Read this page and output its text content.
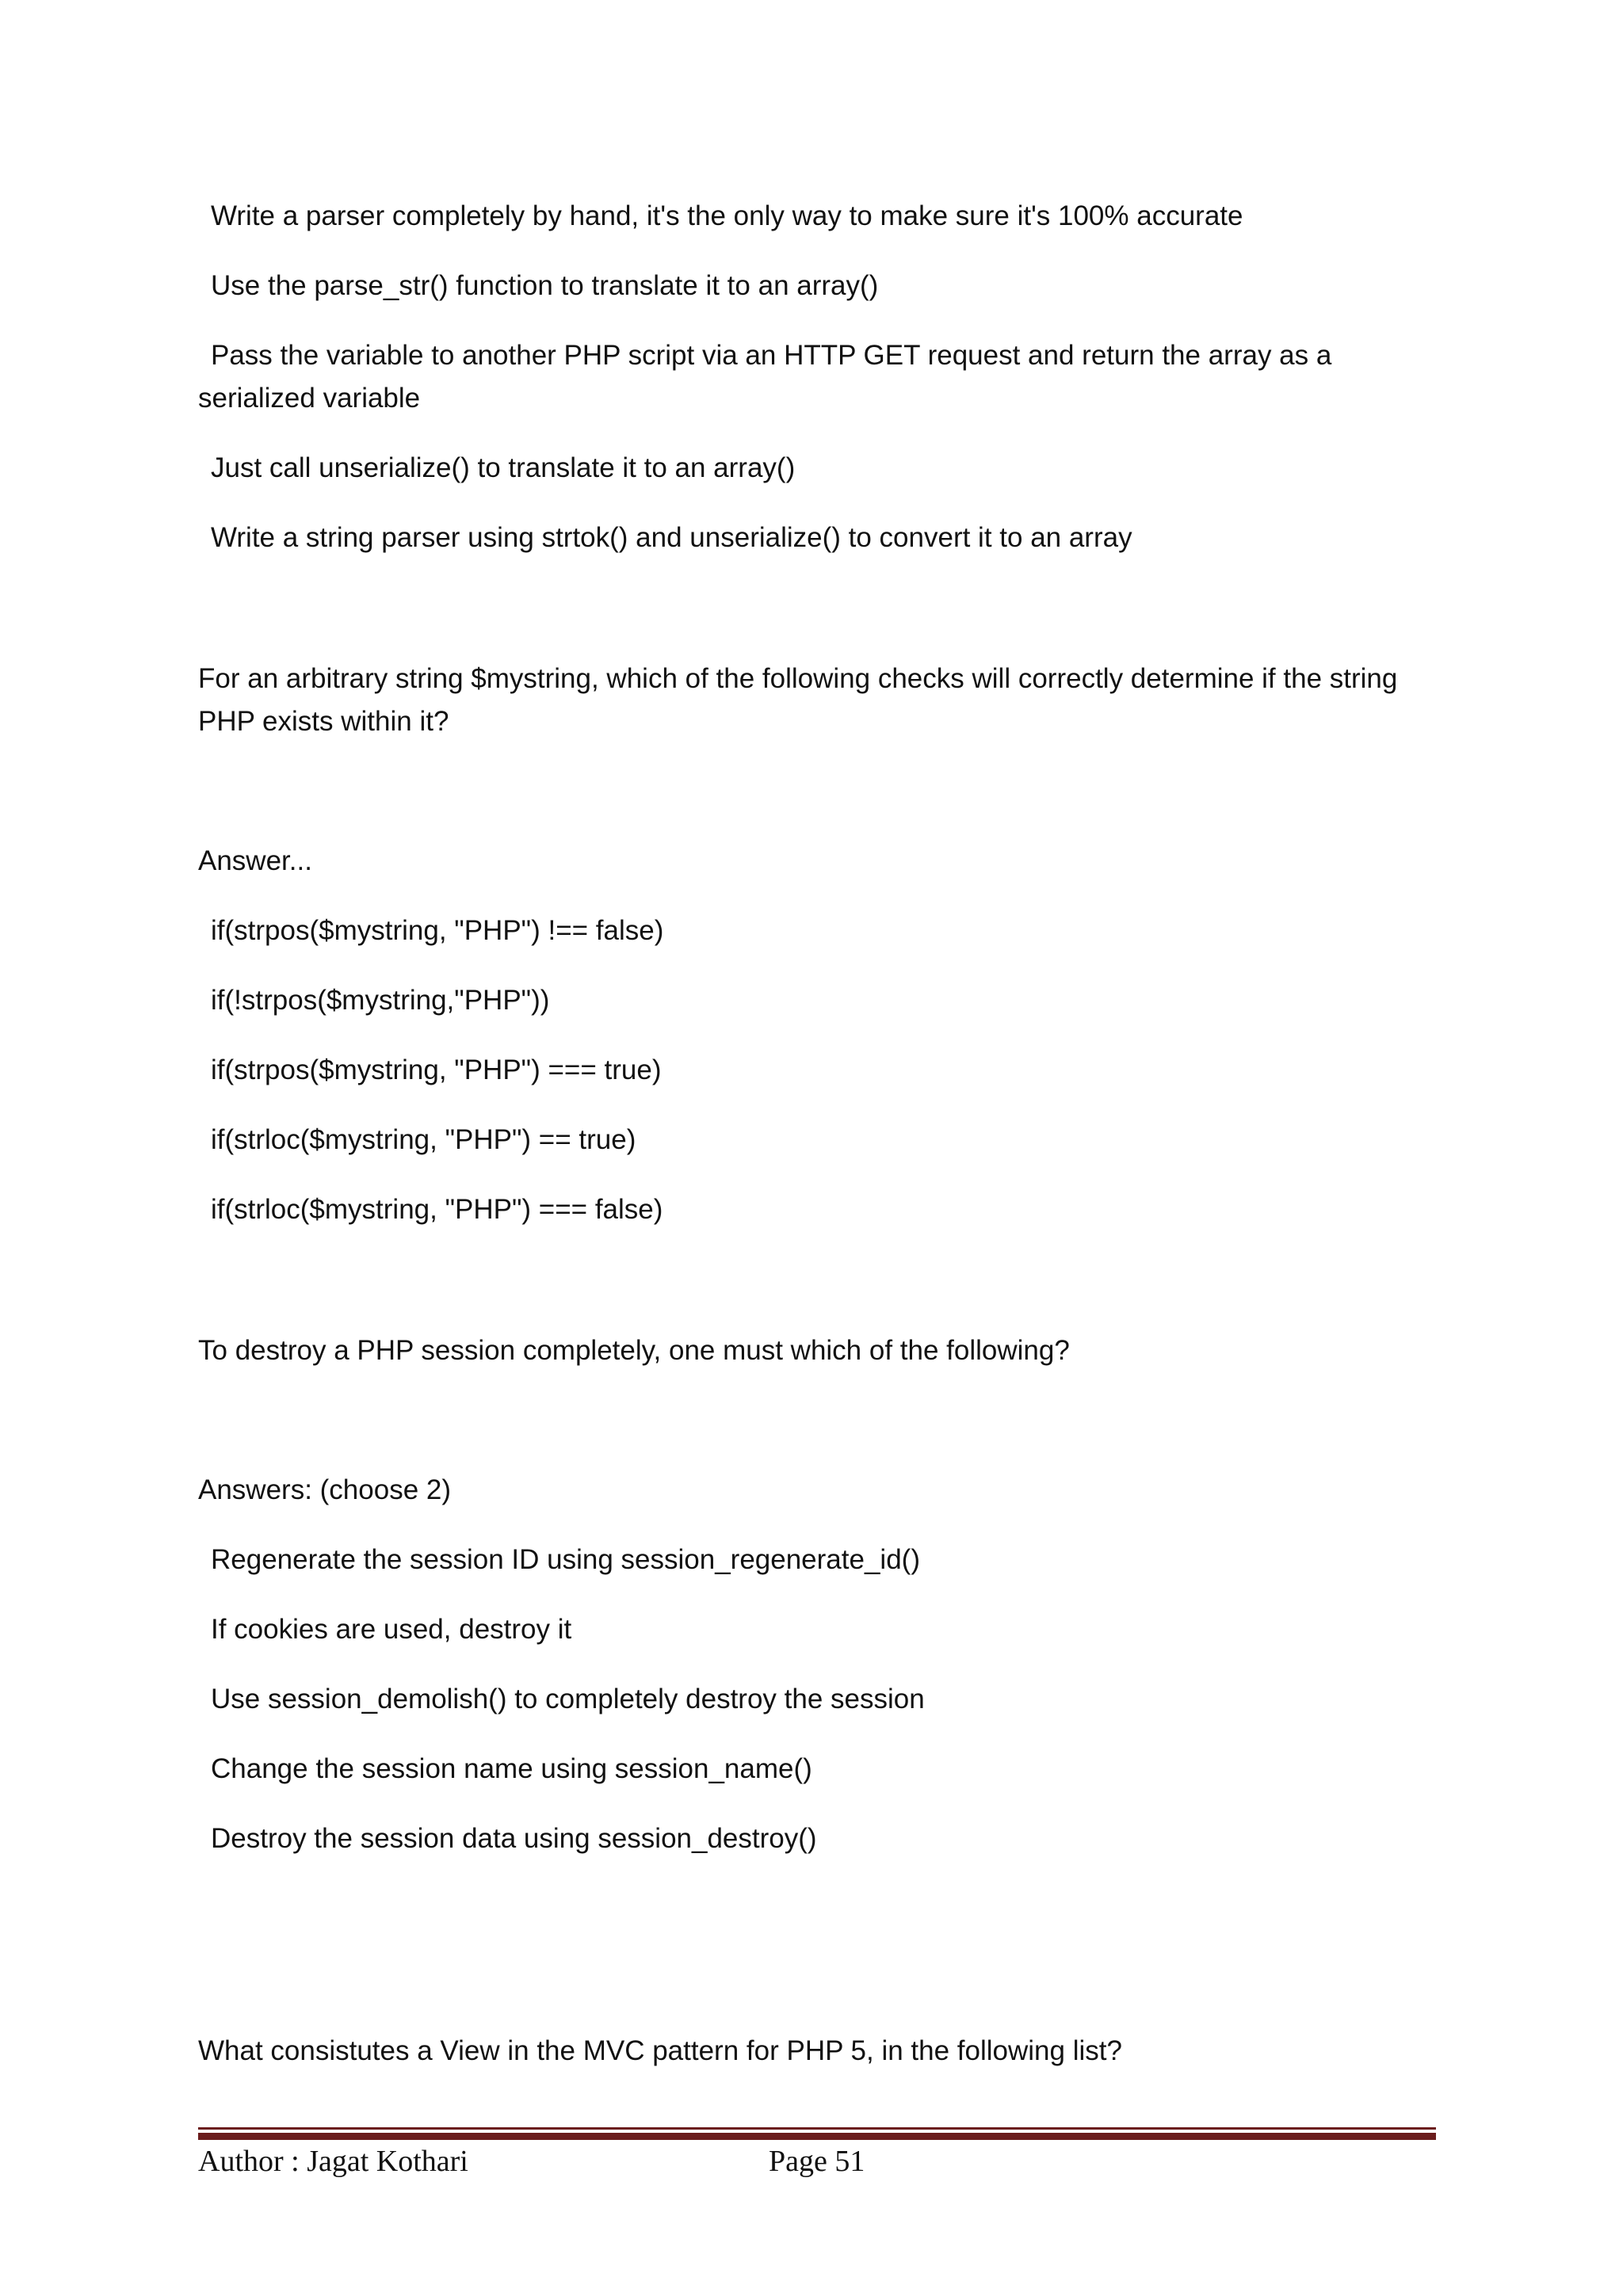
Write a parser completely by hand, it's the only way to make sure it's 100% accurate
Use the parse_str() function to translate it to an array()
Pass the variable to another PHP script via an HTTP GET request and return the array as a serialized variable
Just call unserialize() to translate it to an array()
Write a string parser using strtok() and unserialize() to convert it to an array
For an arbitrary string $mystring, which of the following checks will correctly determine if the string PHP exists within it?
Answer...
if(strpos($mystring, "PHP") !== false)
if(!strpos($mystring,"PHP"))
if(strpos($mystring, "PHP") === true)
if(strloc($mystring, "PHP") == true)
if(strloc($mystring, "PHP") === false)
To destroy a PHP session completely, one must which of the following?
Answers: (choose 2)
Regenerate the session ID using session_regenerate_id()
If cookies are used, destroy it
Use session_demolish() to completely destroy the session
Change the session name using session_name()
Destroy the session data using session_destroy()
What consistutes a View in the MVC pattern for PHP 5, in the following list?
Author : Jagat Kothari	Page 51
